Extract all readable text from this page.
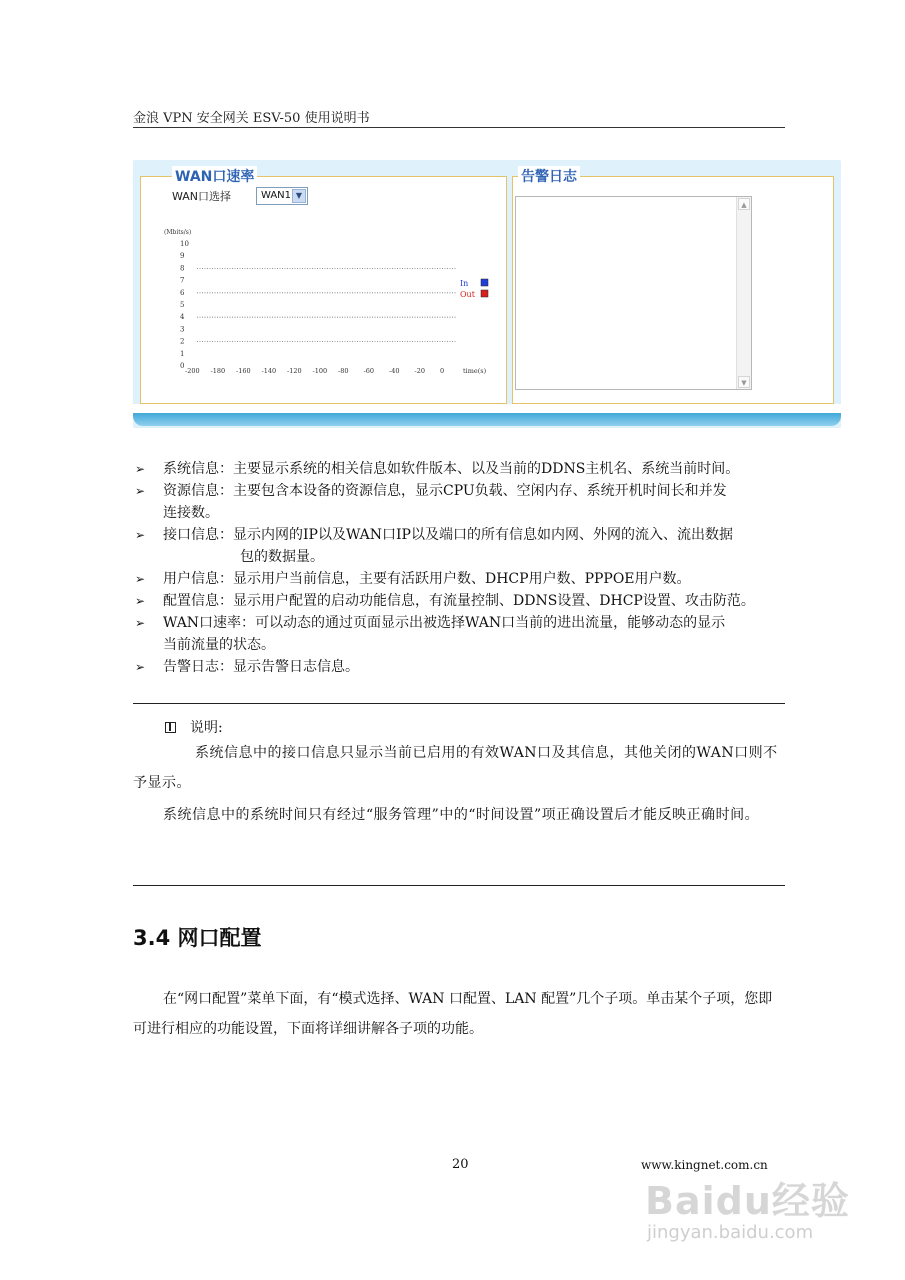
金浪 VPN 安全网关 ESV-50 使用说明书
WAN口速率
WAN口选择	WAN1 ▼
(Mbits/s)
10
9
8
7
6
5
4
3
2
1
0
-200 -180 -160 -140 -120 -100 -80 -60 -40 -20 0	time(s)
In
Out
告警日志
▲
▼
➢ 系统信息：主要显示系统的相关信息如软件版本、以及当前的DDNS主机名、系统当前时间。
➢ 资源信息：主要包含本设备的资源信息，显示CPU负载、空闲内存、系统开机时间长和并发
连接数。
➢ 接口信息：显示内网的IP以及WAN口IP以及端口的所有信息如内网、外网的流入、流出数据
包的数据量。
➢ 用户信息：显示用户当前信息，主要有活跃用户数、DHCP用户数、PPPOE用户数。
➢ 配置信息：显示用户配置的启动功能信息，有流量控制、DDNS设置、DHCP设置、攻击防范。
➢ WAN口速率：可以动态的通过页面显示出被选择WAN口当前的进出流量，能够动态的显示
当前流量的状态。
➢ 告警日志：显示告警日志信息。
说明:
系统信息中的接口信息只显示当前已启用的有效WAN口及其信息，其他关闭的WAN口则不予显示。
系统信息中的系统时间只有经过“服务管理”中的“时间设置”项正确设置后才能反映正确时间。
3.4 网口配置
在“网口配置”菜单下面，有“模式选择、WAN 口配置、LAN 配置”几个子项。单击某个子项，您即可进行相应的功能设置，下面将详细讲解各子项的功能。
20	www.kingnet.com.cn
Baidu经验
jingyan.baidu.com
